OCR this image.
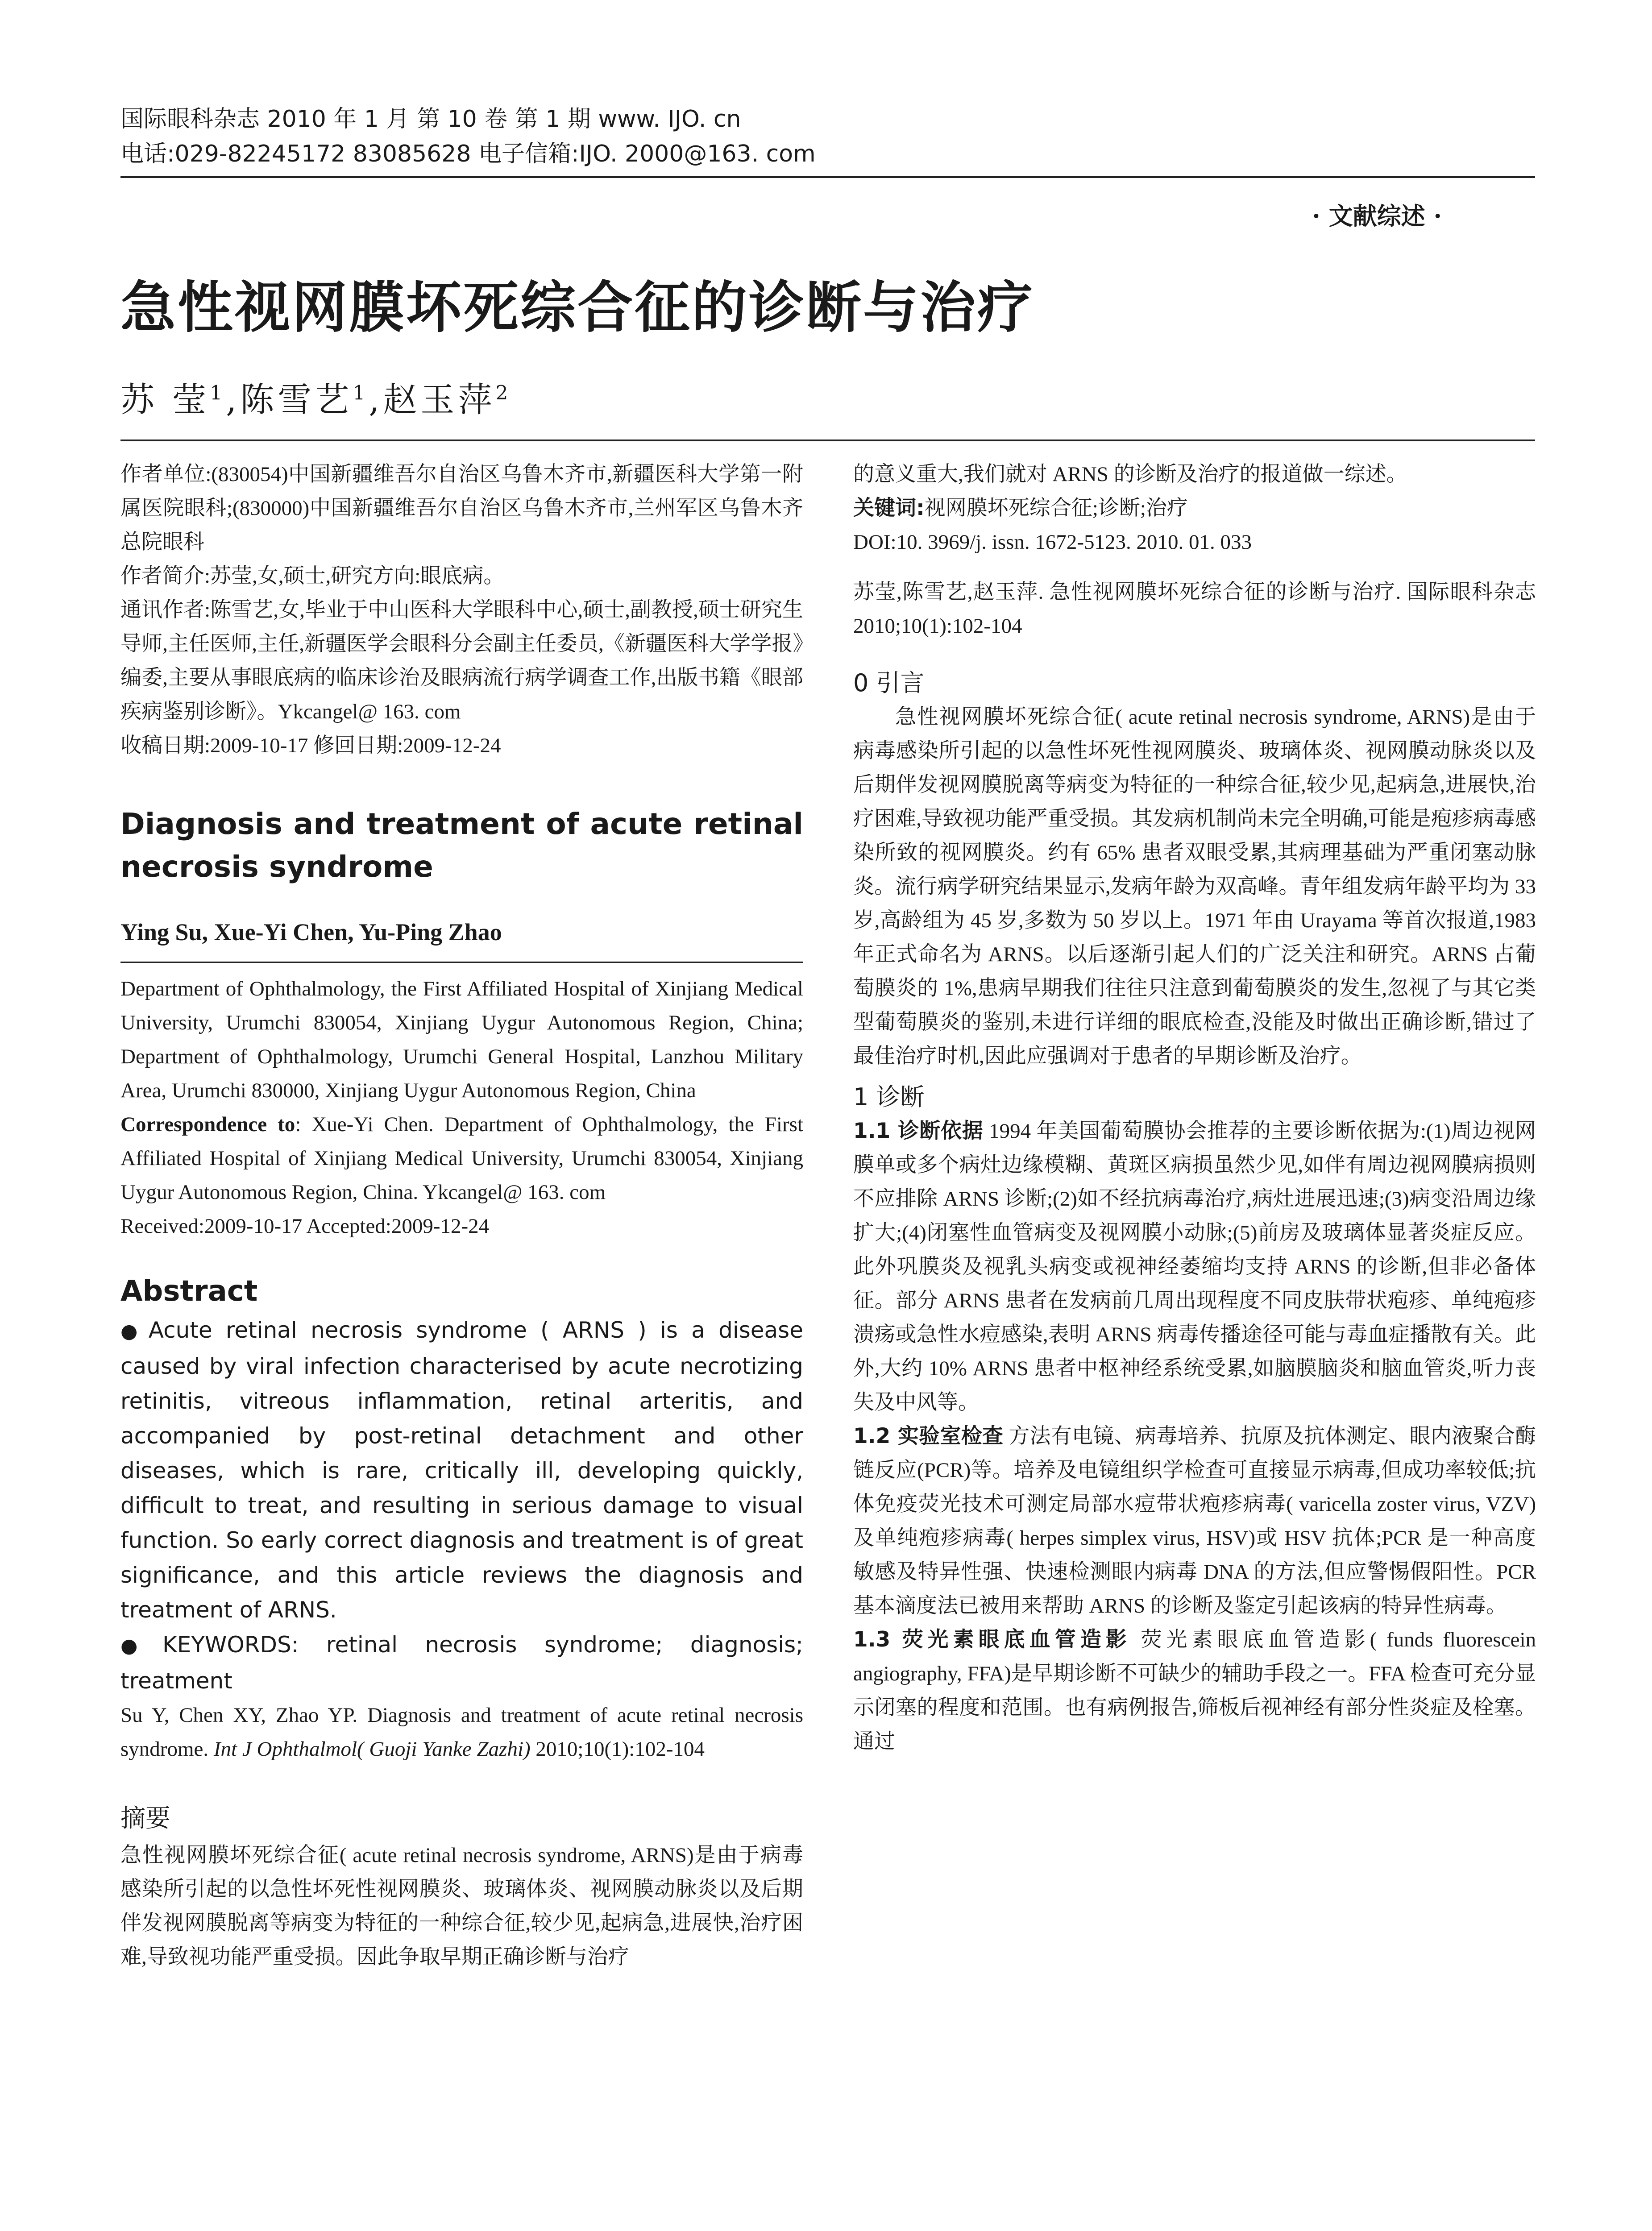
国际眼科杂志 2010 年 1 月 第 10 卷 第 1 期 www. IJO. cn
电话:029-82245172 83085628 电子信箱:IJO. 2000@163. com
· 文献综述 ·
急性视网膜坏死综合征的诊断与治疗
苏 莹$^1$,陈雪艺$^1$,赵玉萍$^2$

作者单位:(830054)中国新疆维吾尔自治区乌鲁木齐市,新疆医科大学第一附属医院眼科;(830000)中国新疆维吾尔自治区乌鲁木齐市,兰州军区乌鲁木齐总院眼科

作者简介:苏莹,女,硕士,研究方向:眼底病。

通讯作者:陈雪艺,女,毕业于中山医科大学眼科中心,硕士,副教授,硕士研究生导师,主任医师,主任,新疆医学会眼科分会副主任委员,《新疆医科大学学报》编委,主要从事眼底病的临床诊治及眼病流行病学调查工作,出版书籍《眼部疾病鉴别诊断》。Ykcangel@ 163. com

收稿日期:2009-10-17 修回日期:2009-12-24

Diagnosis and treatment of acute retinal necrosis syndrome
Ying Su, Xue-Yi Chen, Yu-Ping Zhao

Department of Ophthalmology, the First Affiliated Hospital of Xinjiang Medical University, Urumchi 830054, Xinjiang Uygur Autonomous Region, China; Department of Ophthalmology, Urumchi General Hospital, Lanzhou Military Area, Urumchi 830000, Xinjiang Uygur Autonomous Region, China

Correspondence to: Xue-Yi Chen. Department of Ophthalmology, the First Affiliated Hospital of Xinjiang Medical University, Urumchi 830054, Xinjiang Uygur Autonomous Region, China. Ykcangel@ 163. com

Received:2009-10-17 Accepted:2009-12-24

Abstract

● Acute retinal necrosis syndrome ( ARNS ) is a disease caused by viral infection characterised by acute necrotizing retinitis, vitreous inflammation, retinal arteritis, and accompanied by post-retinal detachment and other diseases, which is rare, critically ill, developing quickly, difficult to treat, and resulting in serious damage to visual function. So early correct diagnosis and treatment is of great significance, and this article reviews the diagnosis and treatment of ARNS.

● KEYWORDS: retinal necrosis syndrome; diagnosis; treatment

Su Y, Chen XY, Zhao YP. Diagnosis and treatment of acute retinal necrosis syndrome. Int J Ophthalmol( Guoji Yanke Zazhi) 2010;10(1):102-104

摘要

急性视网膜坏死综合征( acute retinal necrosis syndrome, ARNS)是由于病毒感染所引起的以急性坏死性视网膜炎、玻璃体炎、视网膜动脉炎以及后期伴发视网膜脱离等病变为特征的一种综合征,较少见,起病急,进展快,治疗困难,导致视功能严重受损。因此争取早期正确诊断与治疗

的意义重大,我们就对 ARNS 的诊断及治疗的报道做一综述。

关键词:视网膜坏死综合征;诊断;治疗

DOI:10. 3969/j. issn. 1672-5123. 2010. 01. 033

苏莹,陈雪艺,赵玉萍. 急性视网膜坏死综合征的诊断与治疗. 国际眼科杂志 2010;10(1):102-104

0 引言

急性视网膜坏死综合征( acute retinal necrosis syndrome, ARNS)是由于病毒感染所引起的以急性坏死性视网膜炎、玻璃体炎、视网膜动脉炎以及后期伴发视网膜脱离等病变为特征的一种综合征,较少见,起病急,进展快,治疗困难,导致视功能严重受损。其发病机制尚未完全明确,可能是疱疹病毒感染所致的视网膜炎。约有 65% 患者双眼受累,其病理基础为严重闭塞动脉炎。流行病学研究结果显示,发病年龄为双高峰。青年组发病年龄平均为 33 岁,高龄组为 45 岁,多数为 50 岁以上。1971 年由 Urayama 等首次报道,1983 年正式命名为 ARNS。以后逐渐引起人们的广泛关注和研究。ARNS 占葡萄膜炎的 1%,患病早期我们往往只注意到葡萄膜炎的发生,忽视了与其它类型葡萄膜炎的鉴别,未进行详细的眼底检查,没能及时做出正确诊断,错过了最佳治疗时机,因此应强调对于患者的早期诊断及治疗。

1 诊断

1.1 诊断依据 1994 年美国葡萄膜协会推荐的主要诊断依据为:(1)周边视网膜单或多个病灶边缘模糊、黄斑区病损虽然少见,如伴有周边视网膜病损则不应排除 ARNS 诊断;(2)如不经抗病毒治疗,病灶进展迅速;(3)病变沿周边缘扩大;(4)闭塞性血管病变及视网膜小动脉;(5)前房及玻璃体显著炎症反应。此外巩膜炎及视乳头病变或视神经萎缩均支持 ARNS 的诊断,但非必备体征。部分 ARNS 患者在发病前几周出现程度不同皮肤带状疱疹、单纯疱疹溃疡或急性水痘感染,表明 ARNS 病毒传播途径可能与毒血症播散有关。此外,大约 10% ARNS 患者中枢神经系统受累,如脑膜脑炎和脑血管炎,听力丧失及中风等。

1.2 实验室检查 方法有电镜、病毒培养、抗原及抗体测定、眼内液聚合酶链反应(PCR)等。培养及电镜组织学检查可直接显示病毒,但成功率较低;抗体免疫荧光技术可测定局部水痘带状疱疹病毒( varicella zoster virus, VZV)及单纯疱疹病毒( herpes simplex virus, HSV)或 HSV 抗体;PCR 是一种高度敏感及特异性强、快速检测眼内病毒 DNA 的方法,但应警惕假阳性。PCR 基本滴度法已被用来帮助 ARNS 的诊断及鉴定引起该病的特异性病毒。

1.3 荧光素眼底血管造影 荧光素眼底血管造影( funds fluorescein angiography, FFA)是早期诊断不可缺少的辅助手段之一。FFA 检查可充分显示闭塞的程度和范围。也有病例报告,筛板后视神经有部分性炎症及栓塞。通过
